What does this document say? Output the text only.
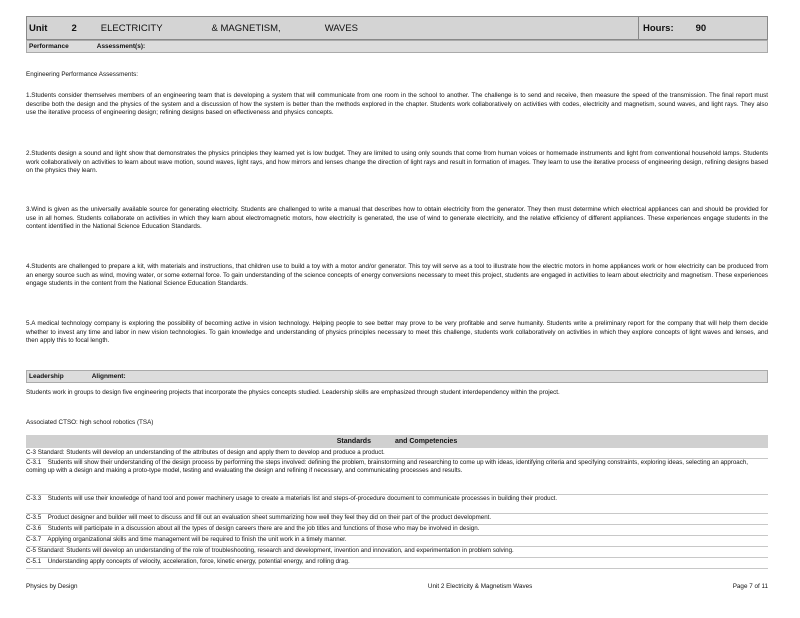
Unit	2	ELECTRICITY	& MAGNETISM,	WAVES	Hours: 90
Performance	Assessment(s):

Engineering Performance Assessments:

1.Students consider themselves members of an engineering team that is developing a system that will communicate from one room in the school to another. The challenge is to send and receive, then measure the speed of the transmission. The final report must describe both the design and the physics of the system and a discussion of how the system is better than the methods explored in the chapter. Students work collaboratively on activities with codes, electricity and magnetism, sound waves, and light rays. They also use the iterative process of engineering design; refining designs based on effectiveness and physics concepts.

2.Students design a sound and light show that demonstrates the physics principles they learned yet is low budget. They are limited to using only sounds that come from human voices or homemade instruments and light from conventional household lamps. Students work collaboratively on activities to learn about wave motion, sound waves, light rays, and how mirrors and lenses change the direction of light rays and result in formation of images. They learn to use the iterative process of engineering design, refining designs based on the physics they learn.

3.Wind is given as the universally available source for generating electricity. Students are challenged to write a manual that describes how to obtain electricity from the generator. They then must determine which electrical appliances can and should be provided for use in all homes. Students collaborate on activities in which they learn about electromagnetic motors, how electricity is generated, the use of wind to generate electricity, and the relative efficiency of different appliances. These experiences engage students in the content identified in the National Science Education Standards.

4.Students are challenged to prepare a kit, with materials and instructions, that children use to build a toy with a motor and/or generator. This toy will serve as a tool to illustrate how the electric motors in home appliances work or how electricity can be produced from an energy source such as wind, moving water, or some external force. To gain understanding of the science concepts of energy conversions necessary to meet this project, students are engaged in activities to learn about electricity and magnetism. These experiences engage students in the content from the National Science Education Standards.

5.A medical technology company is exploring the possibility of becoming active in vision technology. Helping people to see better may prove to be very profitable and serve humanity. Students write a preliminary report for the company that will help them decide whether to invest any time and labor in new vision technologies. To gain knowledge and understanding of physics principles necessary to meet this challenge, students work collaboratively on activities in which they explore concepts of light waves and lenses, and then apply this to focal length.

Leadership	Alignment:

Students work in groups to design five engineering projects that incorporate the physics concepts studied. Leadership skills are emphasized through student interdependency within the project.

Associated CTSO: high school robotics (TSA)

Standards	and Competencies
C-3 Standard: Students will develop an understanding of the attributes of design and apply them to develop and produce a product.
C-3.1 Students will show their understanding of the design process by performing the steps involved: defining the problem, brainstorming and researching to come up with ideas, identifying criteria and specifying constraints, exploring ideas, selecting an approach, coming up with a design and making a proto-type model, testing and evaluating the design and refining if necessary, and communicating processes and results.
C-3.3 Students will use their knowledge of hand tool and power machinery usage to create a materials list and steps-of-procedure document to communicate processes in building their product.
C-3.5 Product designer and builder will meet to discuss and fill out an evaluation sheet summarizing how well they feel they did on their part of the product development.
C-3.6 Students will participate in a discussion about all the types of design careers there are and the job titles and functions of those who may be involved in design.
C-3.7 Applying organizational skills and time management will be required to finish the unit work in a timely manner.
C-5 Standard: Students will develop an understanding of the role of troubleshooting, research and development, invention and innovation, and experimentation in problem solving.
C-5.1 Understanding apply concepts of velocity, acceleration, force, kinetic energy, potential energy, and rolling drag.
Physics by Design	Unit 2 Electricity & Magnetism Waves	Page 7 of 11
